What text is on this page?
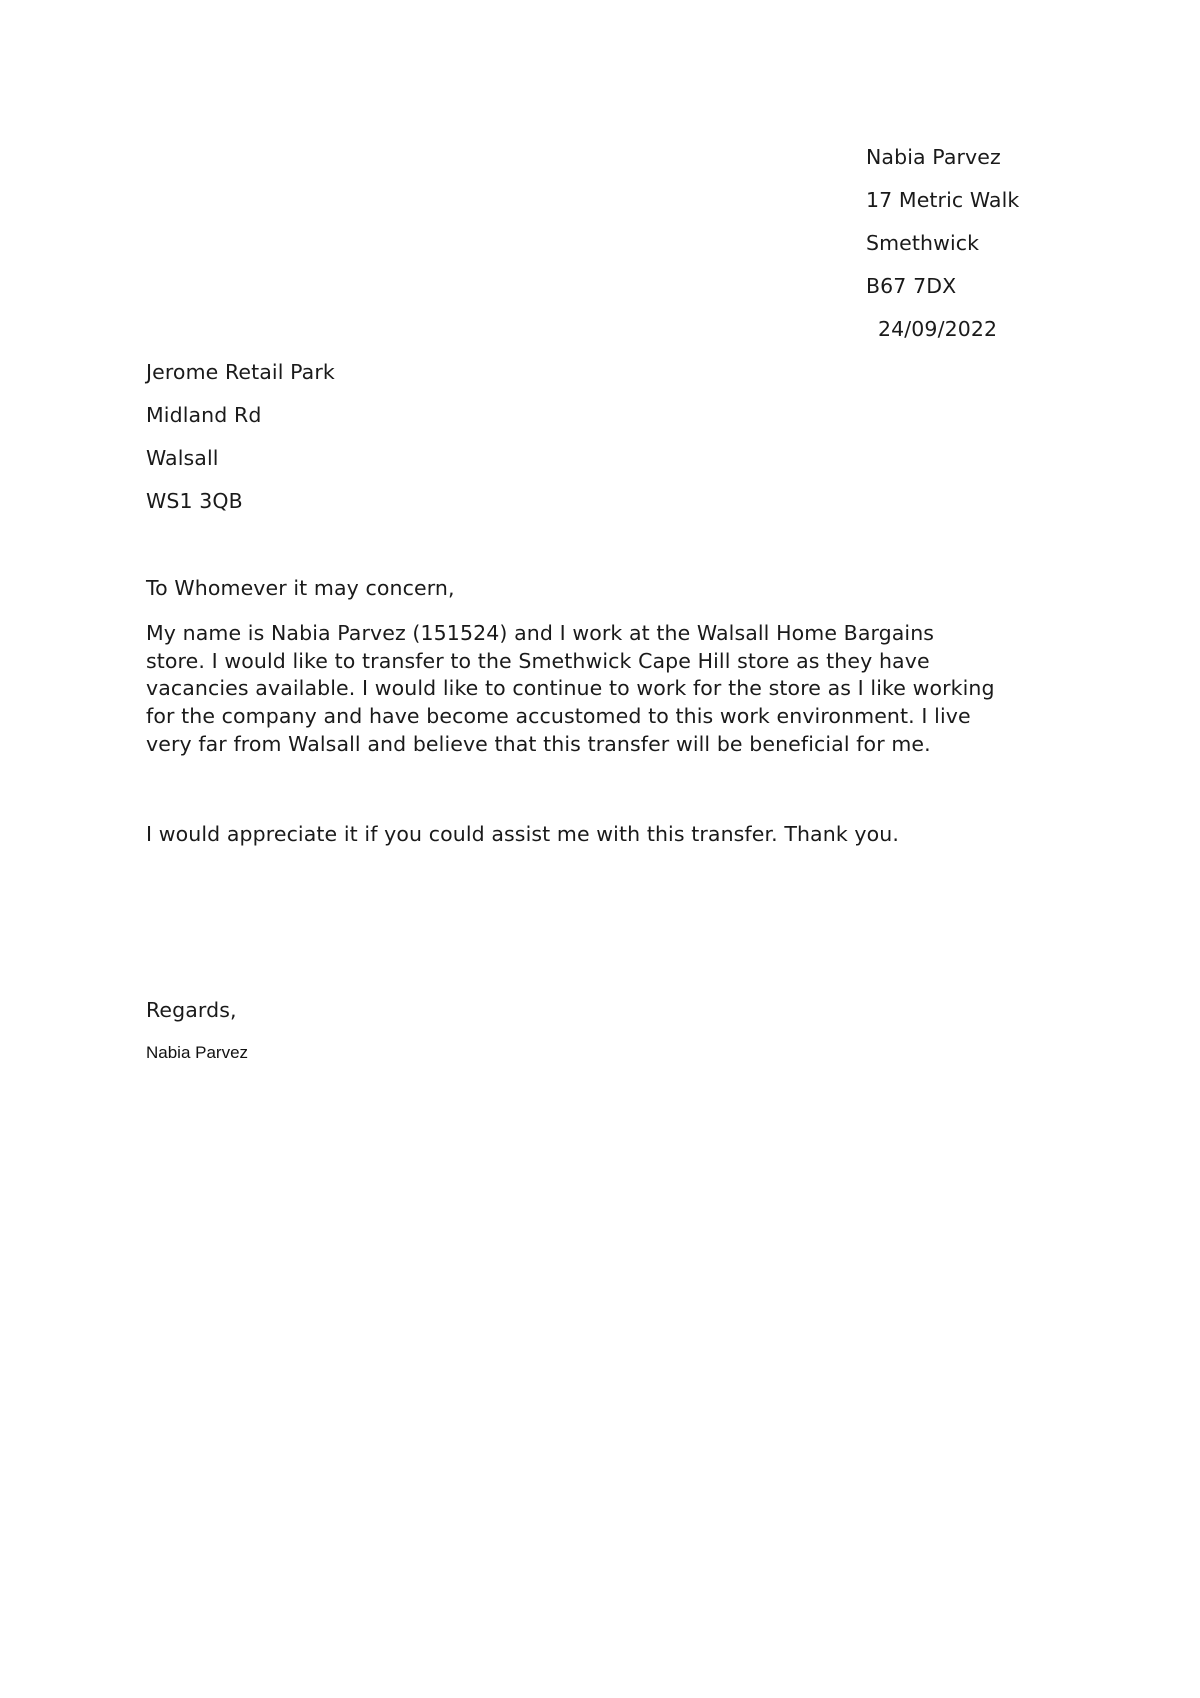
Nabia Parvez
17 Metric Walk
Smethwick
B67 7DX
24/09/2022
Jerome Retail Park
Midland Rd
Walsall
WS1 3QB
To Whomever it may concern,
My name is Nabia Parvez (151524) and I work at the Walsall Home Bargains
store. I would like to transfer to the Smethwick Cape Hill store as they have
vacancies available. I would like to continue to work for the store as I like working
for the company and have become accustomed to this work environment. I live
very far from Walsall and believe that this transfer will be beneficial for me.
I would appreciate it if you could assist me with this transfer. Thank you.
Regards,
Nabia Parvez
